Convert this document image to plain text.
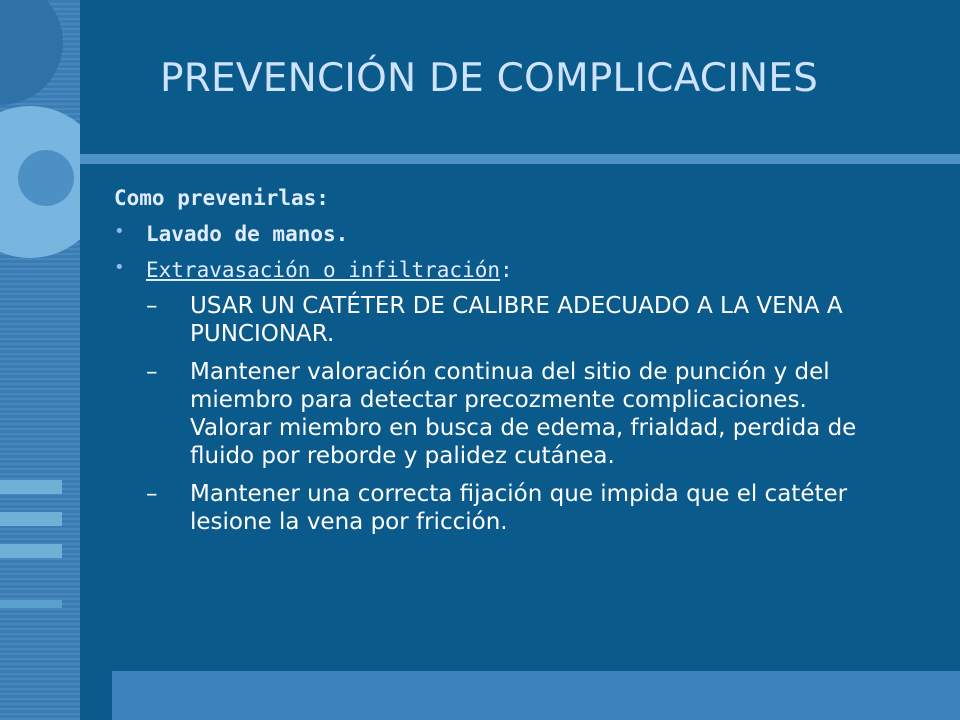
PREVENCIÓN DE COMPLICACINES

Como prevenirlas:

• Lavado de manos.
• Extravasación o infiltración:
– USAR UN CATÉTER DE CALIBRE ADECUADO A LA VENA A PUNCIONAR.
– Mantener valoración continua del sitio de punción y del miembro para detectar precozmente complicaciones. Valorar miembro en busca de edema, frialdad, perdida de fluido por reborde y palidez cutánea.
– Mantener una correcta fijación que impida que el catéter lesione la vena por fricción.
